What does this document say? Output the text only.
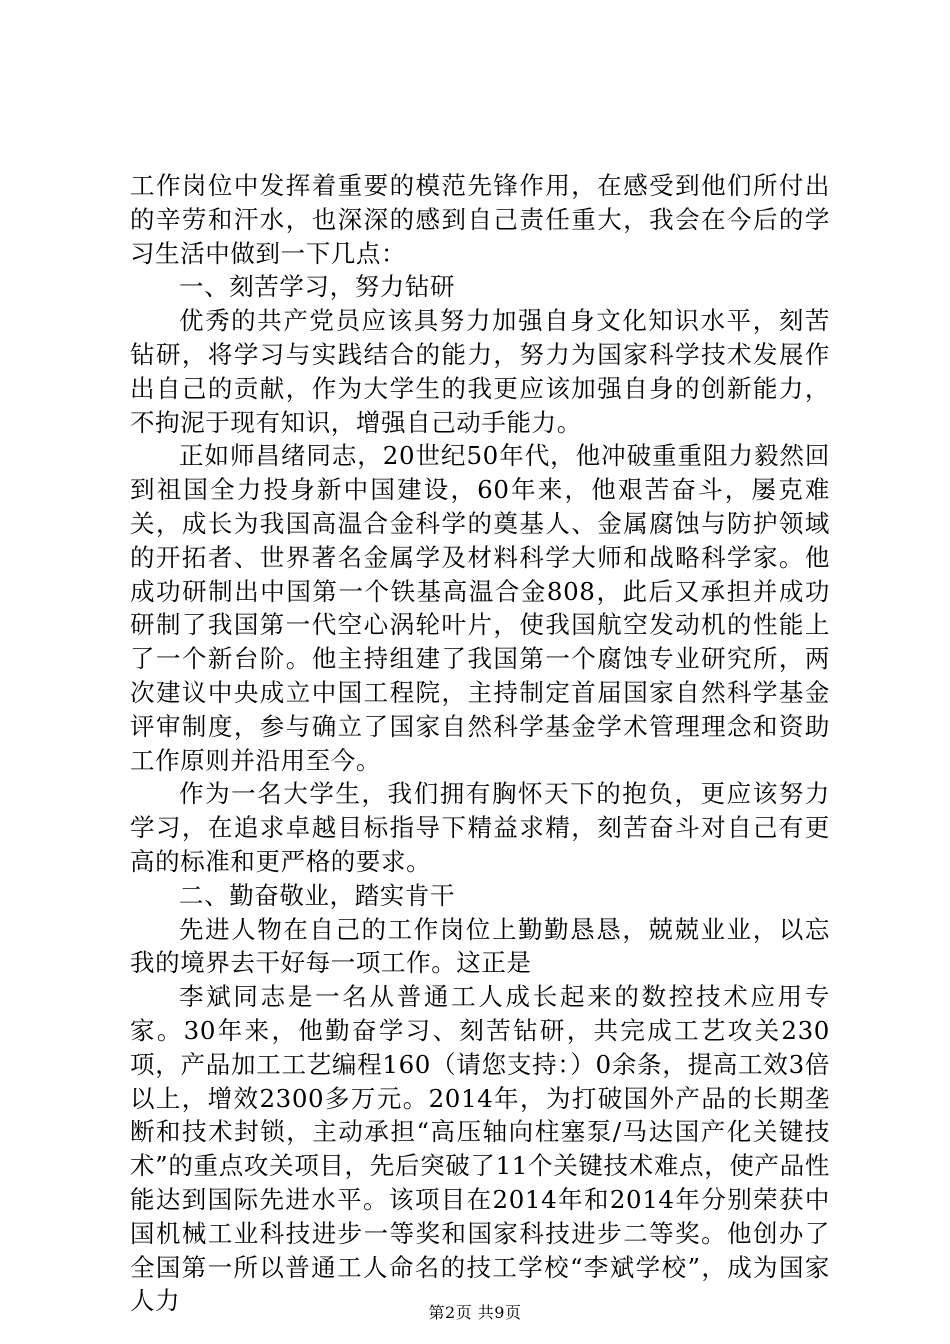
工作岗位中发挥着重要的模范先锋作用，在感受到他们所付出的辛劳和汗水，也深深的感到自己责任重大，我会在今后的学习生活中做到一下几点：

一、刻苦学习，努力钻研

优秀的共产党员应该具努力加强自身文化知识水平，刻苦钻研，将学习与实践结合的能力，努力为国家科学技术发展作出自己的贡献，作为大学生的我更应该加强自身的创新能力，不拘泥于现有知识，增强自己动手能力。

正如师昌绪同志，20世纪50年代，他冲破重重阻力毅然回到祖国全力投身新中国建设，60年来，他艰苦奋斗，屡克难关，成长为我国高温合金科学的奠基人、金属腐蚀与防护领域的开拓者、世界著名金属学及材料科学大师和战略科学家。他成功研制出中国第一个铁基高温合金808，此后又承担并成功研制了我国第一代空心涡轮叶片，使我国航空发动机的性能上了一个新台阶。他主持组建了我国第一个腐蚀专业研究所，两次建议中央成立中国工程院，主持制定首届国家自然科学基金评审制度，参与确立了国家自然科学基金学术管理理念和资助工作原则并沿用至今。

作为一名大学生，我们拥有胸怀天下的抱负，更应该努力学习，在追求卓越目标指导下精益求精，刻苦奋斗对自己有更高的标准和更严格的要求。

二、勤奋敬业，踏实肯干

先进人物在自己的工作岗位上勤勤恳恳，兢兢业业，以忘我的境界去干好每一项工作。这正是

李斌同志是一名从普通工人成长起来的数控技术应用专家。30年来，他勤奋学习、刻苦钻研，共完成工艺攻关230项，产品加工工艺编程160（请您支持：）0余条，提高工效3倍以上，增效2300多万元。2014年，为打破国外产品的长期垄断和技术封锁，主动承担“高压轴向柱塞泵/马达国产化关键技术”的重点攻关项目，先后突破了11个关键技术难点，使产品性能达到国际先进水平。该项目在2014年和2014年分别荣获中国机械工业科技进步一等奖和国家科技进步二等奖。他创办了全国第一所以普通工人命名的技工学校“李斌学校”，成为国家人力	第2页 共9页
